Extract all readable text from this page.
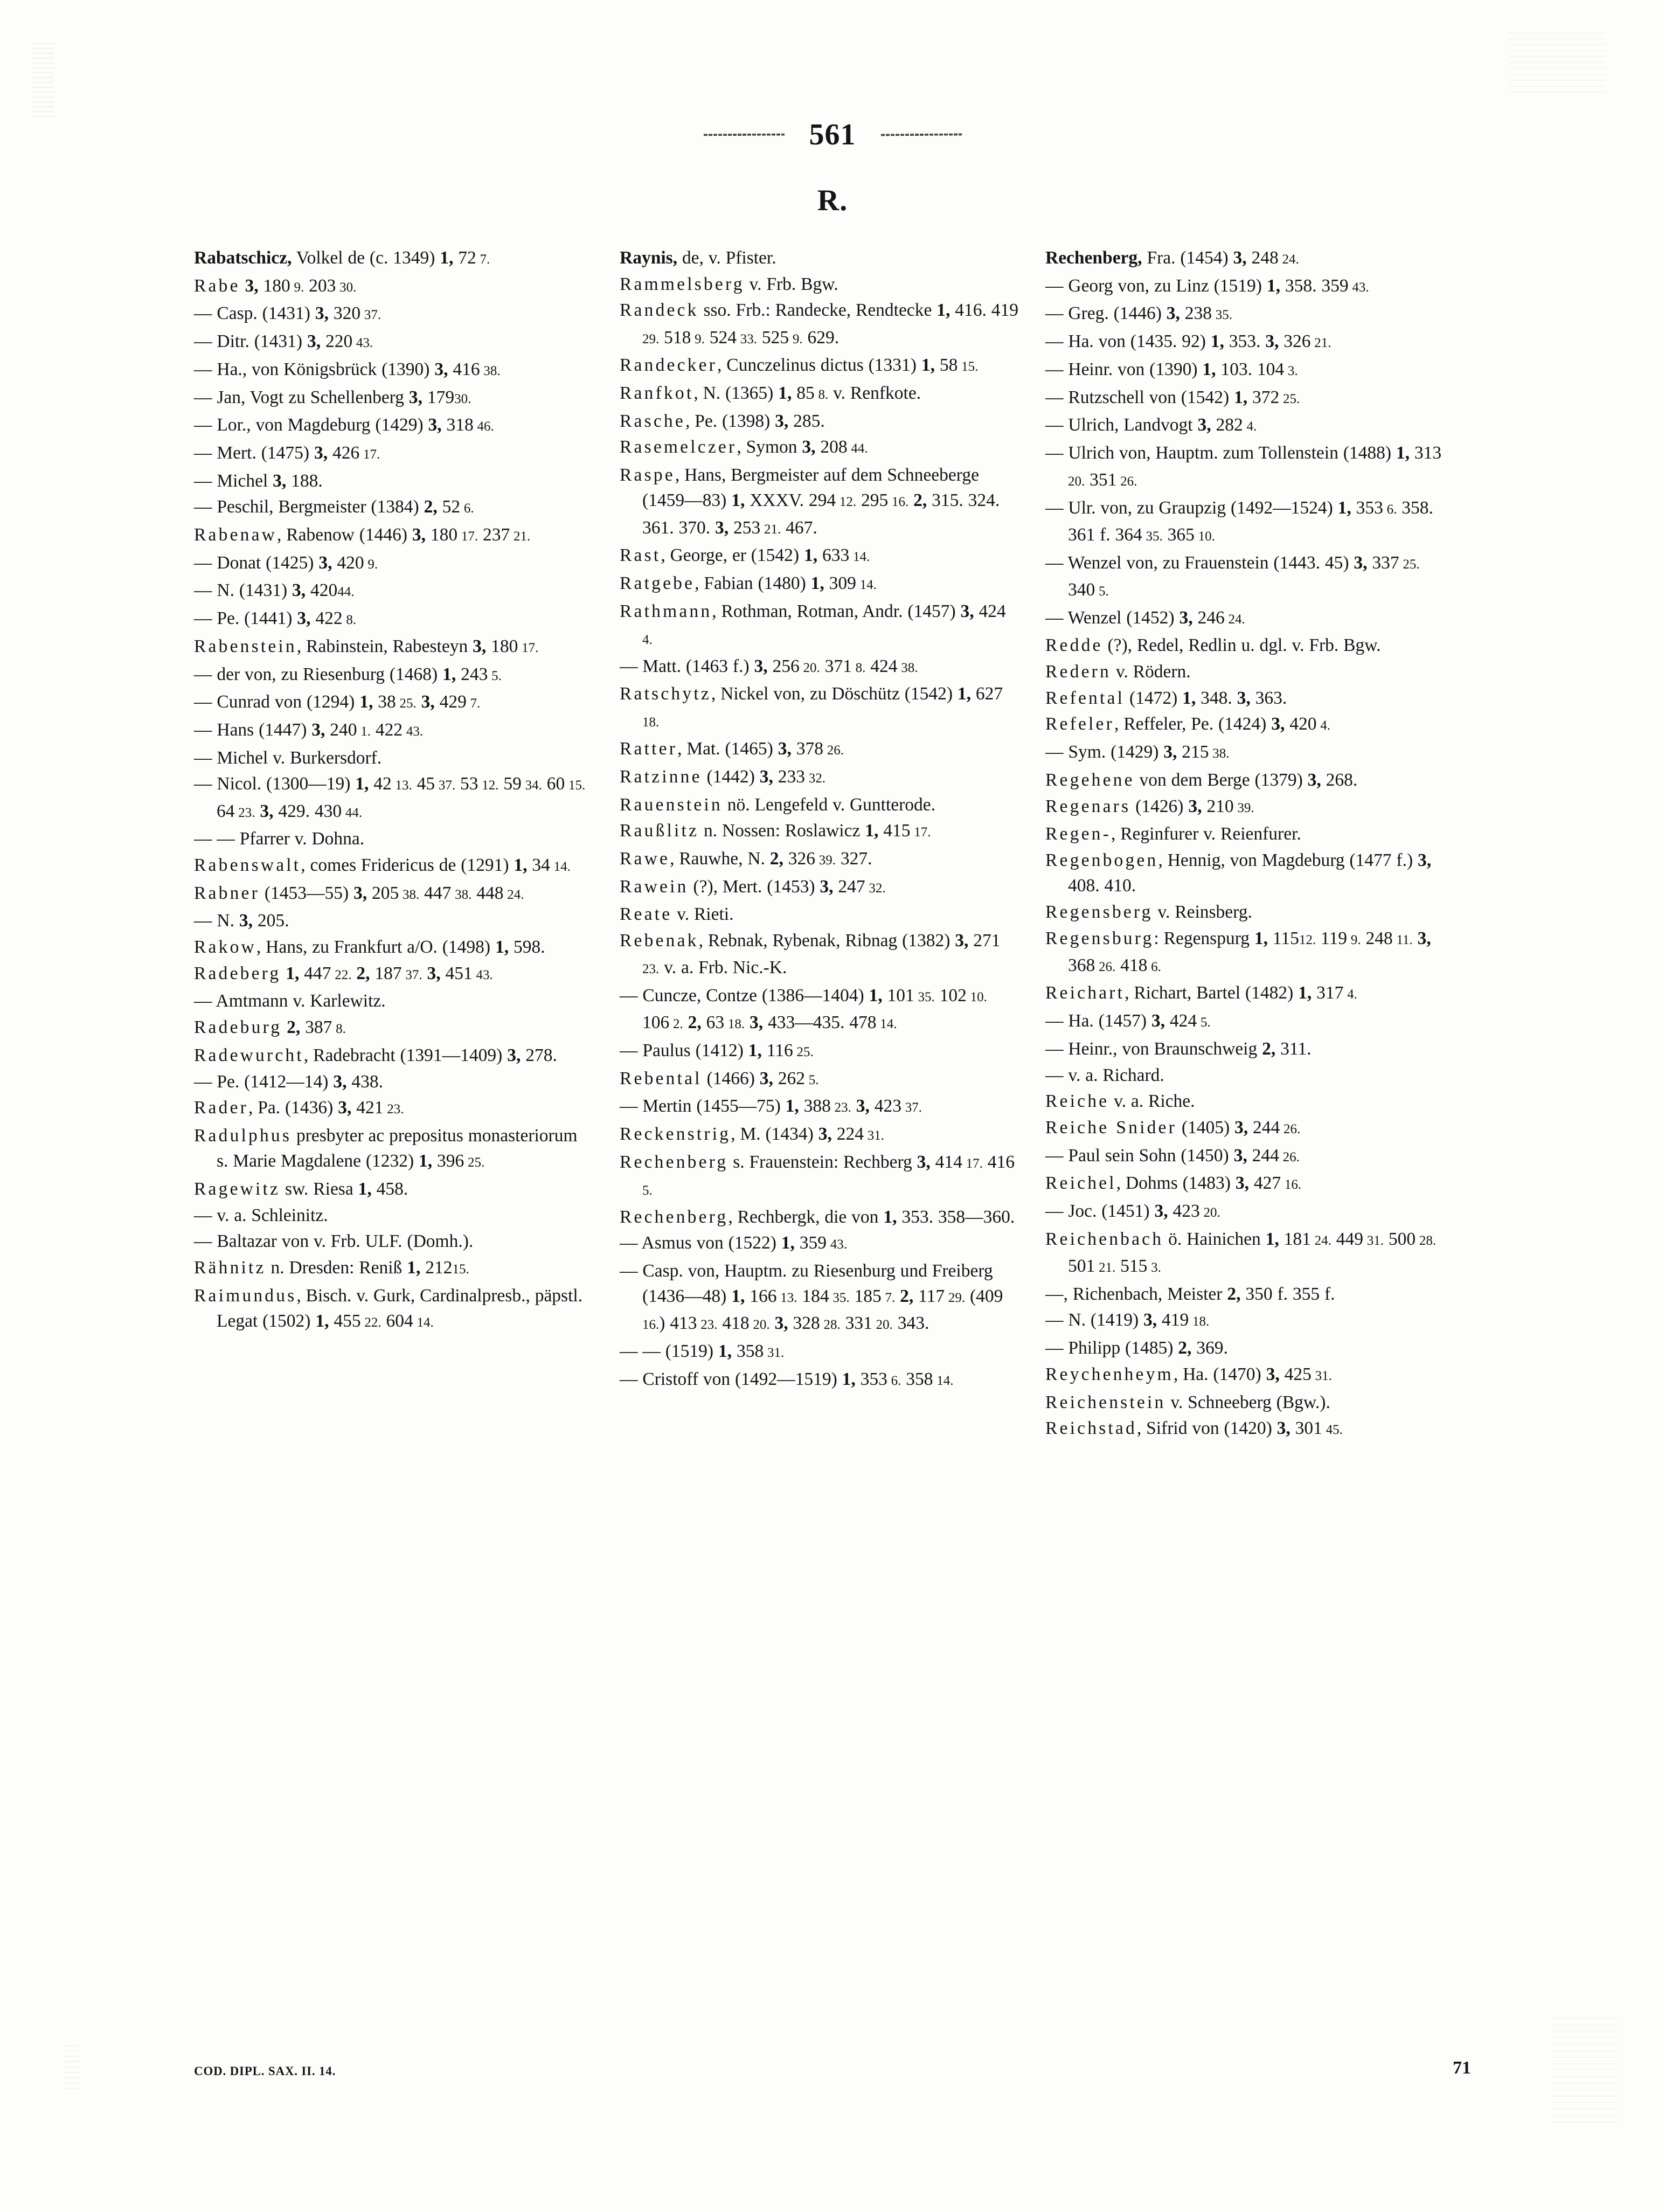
561
R.
Rabatschicz, Volkel de (c. 1349) 1, 72 7.
Rabe 3, 180 9. 203 30.
— Casp. (1431) 3, 320 37.
— Ditr. (1431) 3, 220 43.
— Ha., von Königsbrück (1390) 3, 416 38.
— Jan, Vogt zu Schellenberg 3, 17930.
— Lor., von Magdeburg (1429) 3, 318 46.
— Mert. (1475) 3, 426 17.
— Michel 3, 188.
— Peschil, Bergmeister (1384) 2, 52 6.
Rabenaw, Rabenow (1446) 3, 180 17. 237 21.
— Donat (1425) 3, 420 9.
— N. (1431) 3, 42044.
— Pe. (1441) 3, 422 8.
Rabenstein, Rabinstein, Rabesteyn 3, 180 17.
— der von, zu Riesenburg (1468) 1, 243 5.
— Cunrad von (1294) 1, 38 25. 3, 429 7.
— Hans (1447) 3, 240 1. 422 43.
— Michel v. Burkersdorf.
— Nicol. (1300—19) 1, 42 13. 45 37. 53 12. 59 34. 60 15. 64 23. 3, 429. 430 44.
— — Pfarrer v. Dohna.
Rabenswalt, comes Fridericus de (1291) 1, 34 14.
Rabner (1453—55) 3, 205 38. 447 38. 448 24.
— N. 3, 205.
Rakow, Hans, zu Frankfurt a/O. (1498) 1, 598.
Radeberg 1, 447 22. 2, 187 37. 3, 451 43.
— Amtmann v. Karlewitz.
Radeburg 2, 387 8.
Radewurcht, Radebracht (1391—1409) 3, 278.
— Pe. (1412—14) 3, 438.
Rader, Pa. (1436) 3, 421 23.
Radulphus presbyter ac prepositus monasteriorum s. Marie Magdalene (1232) 1, 396 25.
Ragewitz sw. Riesa 1, 458.
— v. a. Schleinitz.
— Baltazar von v. Frb. ULF. (Domh.).
Rähnitz n. Dresden: Reniß 1, 21215.
Raimundus, Bisch. v. Gurk, Cardinalpresb., päpstl. Legat (1502) 1, 455 22. 604 14.
Raynis, de, v. Pfister.
Rammelsberg v. Frb. Bgw.
Randeck sso. Frb.: Randecke, Rendtecke 1, 416. 419 29. 518 9. 524 33. 525 9. 629.
Randecker, Cunczelinus dictus (1331) 1, 58 15.
Ranfkot, N. (1365) 1, 85 8. v. Renfkote.
Rasche, Pe. (1398) 3, 285.
Rasemelczer, Symon 3, 208 44.
Raspe, Hans, Bergmeister auf dem Schneeberge (1459—83) 1, XXXV. 294 12. 295 16. 2, 315. 324. 361. 370. 3, 253 21. 467.
Rast, George, er (1542) 1, 633 14.
Ratgebe, Fabian (1480) 1, 309 14.
Rathmann, Rothman, Rotman, Andr. (1457) 3, 424 4.
— Matt. (1463 f.) 3, 256 20. 371 8. 424 38.
Ratschytz, Nickel von, zu Döschütz (1542) 1, 627 18.
Ratter, Mat. (1465) 3, 378 26.
Ratzinne (1442) 3, 233 32.
Rauenstein nö. Lengefeld v. Guntterode.
Raußlitz n. Nossen: Roslawicz 1, 415 17.
Rawe, Rauwhe, N. 2, 326 39. 327.
Rawein (?), Mert. (1453) 3, 247 32.
Reate v. Rieti.
Rebenak, Rebnak, Rybenak, Ribnag (1382) 3, 271 23. v. a. Frb. Nic.-K.
— Cuncze, Contze (1386—1404) 1, 101 35. 102 10. 106 2. 2, 63 18. 3, 433—435. 478 14.
— Paulus (1412) 1, 116 25.
Rebental (1466) 3, 262 5.
— Mertin (1455—75) 1, 388 23. 3, 423 37.
Reckenstrig, M. (1434) 3, 224 31.
Rechenberg s. Frauenstein: Rechberg 3, 414 17. 416 5.
Rechenberg, Rechbergk, die von 1, 353. 358—360.
— Asmus von (1522) 1, 359 43.
— Casp. von, Hauptm. zu Riesenburg und Freiberg (1436—48) 1, 166 13. 184 35. 185 7. 2, 117 29. (409 16.) 413 23. 418 20. 3, 328 28. 331 20. 343.
— — (1519) 1, 358 31.
— Cristoff von (1492—1519) 1, 353 6. 358 14.
Rechenberg, Fra. (1454) 3, 248 24.
— Georg von, zu Linz (1519) 1, 358. 359 43.
— Greg. (1446) 3, 238 35.
— Ha. von (1435. 92) 1, 353. 3, 326 21.
— Heinr. von (1390) 1, 103. 104 3.
— Rutzschell von (1542) 1, 372 25.
— Ulrich, Landvogt 3, 282 4.
— Ulrich von, Hauptm. zum Tollenstein (1488) 1, 313 20. 351 26.
— Ulr. von, zu Graupzig (1492—1524) 1, 353 6. 358. 361 f. 364 35. 365 10.
— Wenzel von, zu Frauenstein (1443. 45) 3, 337 25. 340 5.
— Wenzel (1452) 3, 246 24.
Redde (?), Redel, Redlin u. dgl. v. Frb. Bgw.
Redern v. Rödern.
Refental (1472) 1, 348. 3, 363.
Refeler, Reffeler, Pe. (1424) 3, 420 4.
— Sym. (1429) 3, 215 38.
Regehene von dem Berge (1379) 3, 268.
Regenars (1426) 3, 210 39.
Regen-, Reginfurer v. Reienfurer.
Regenbogen, Hennig, von Magdeburg (1477 f.) 3, 408. 410.
Regensberg v. Reinsberg.
Regensburg: Regenspurg 1, 11512. 119 9. 248 11. 3, 368 26. 418 6.
Reichart, Richart, Bartel (1482) 1, 317 4.
— Ha. (1457) 3, 424 5.
— Heinr., von Braunschweig 2, 311.
— v. a. Richard.
Reiche v. a. Riche.
Reiche Snider (1405) 3, 244 26.
— Paul sein Sohn (1450) 3, 244 26.
Reichel, Dohms (1483) 3, 427 16.
— Joc. (1451) 3, 423 20.
Reichenbach ö. Hainichen 1, 181 24. 449 31. 500 28. 501 21. 515 3.
—, Richenbach, Meister 2, 350 f. 355 f.
— N. (1419) 3, 419 18.
— Philipp (1485) 2, 369.
Reychenheym, Ha. (1470) 3, 425 31.
Reichenstein v. Schneeberg (Bgw.).
Reichstad, Sifrid von (1420) 3, 301 45.
COD. DIPL. SAX. II. 14.	71
